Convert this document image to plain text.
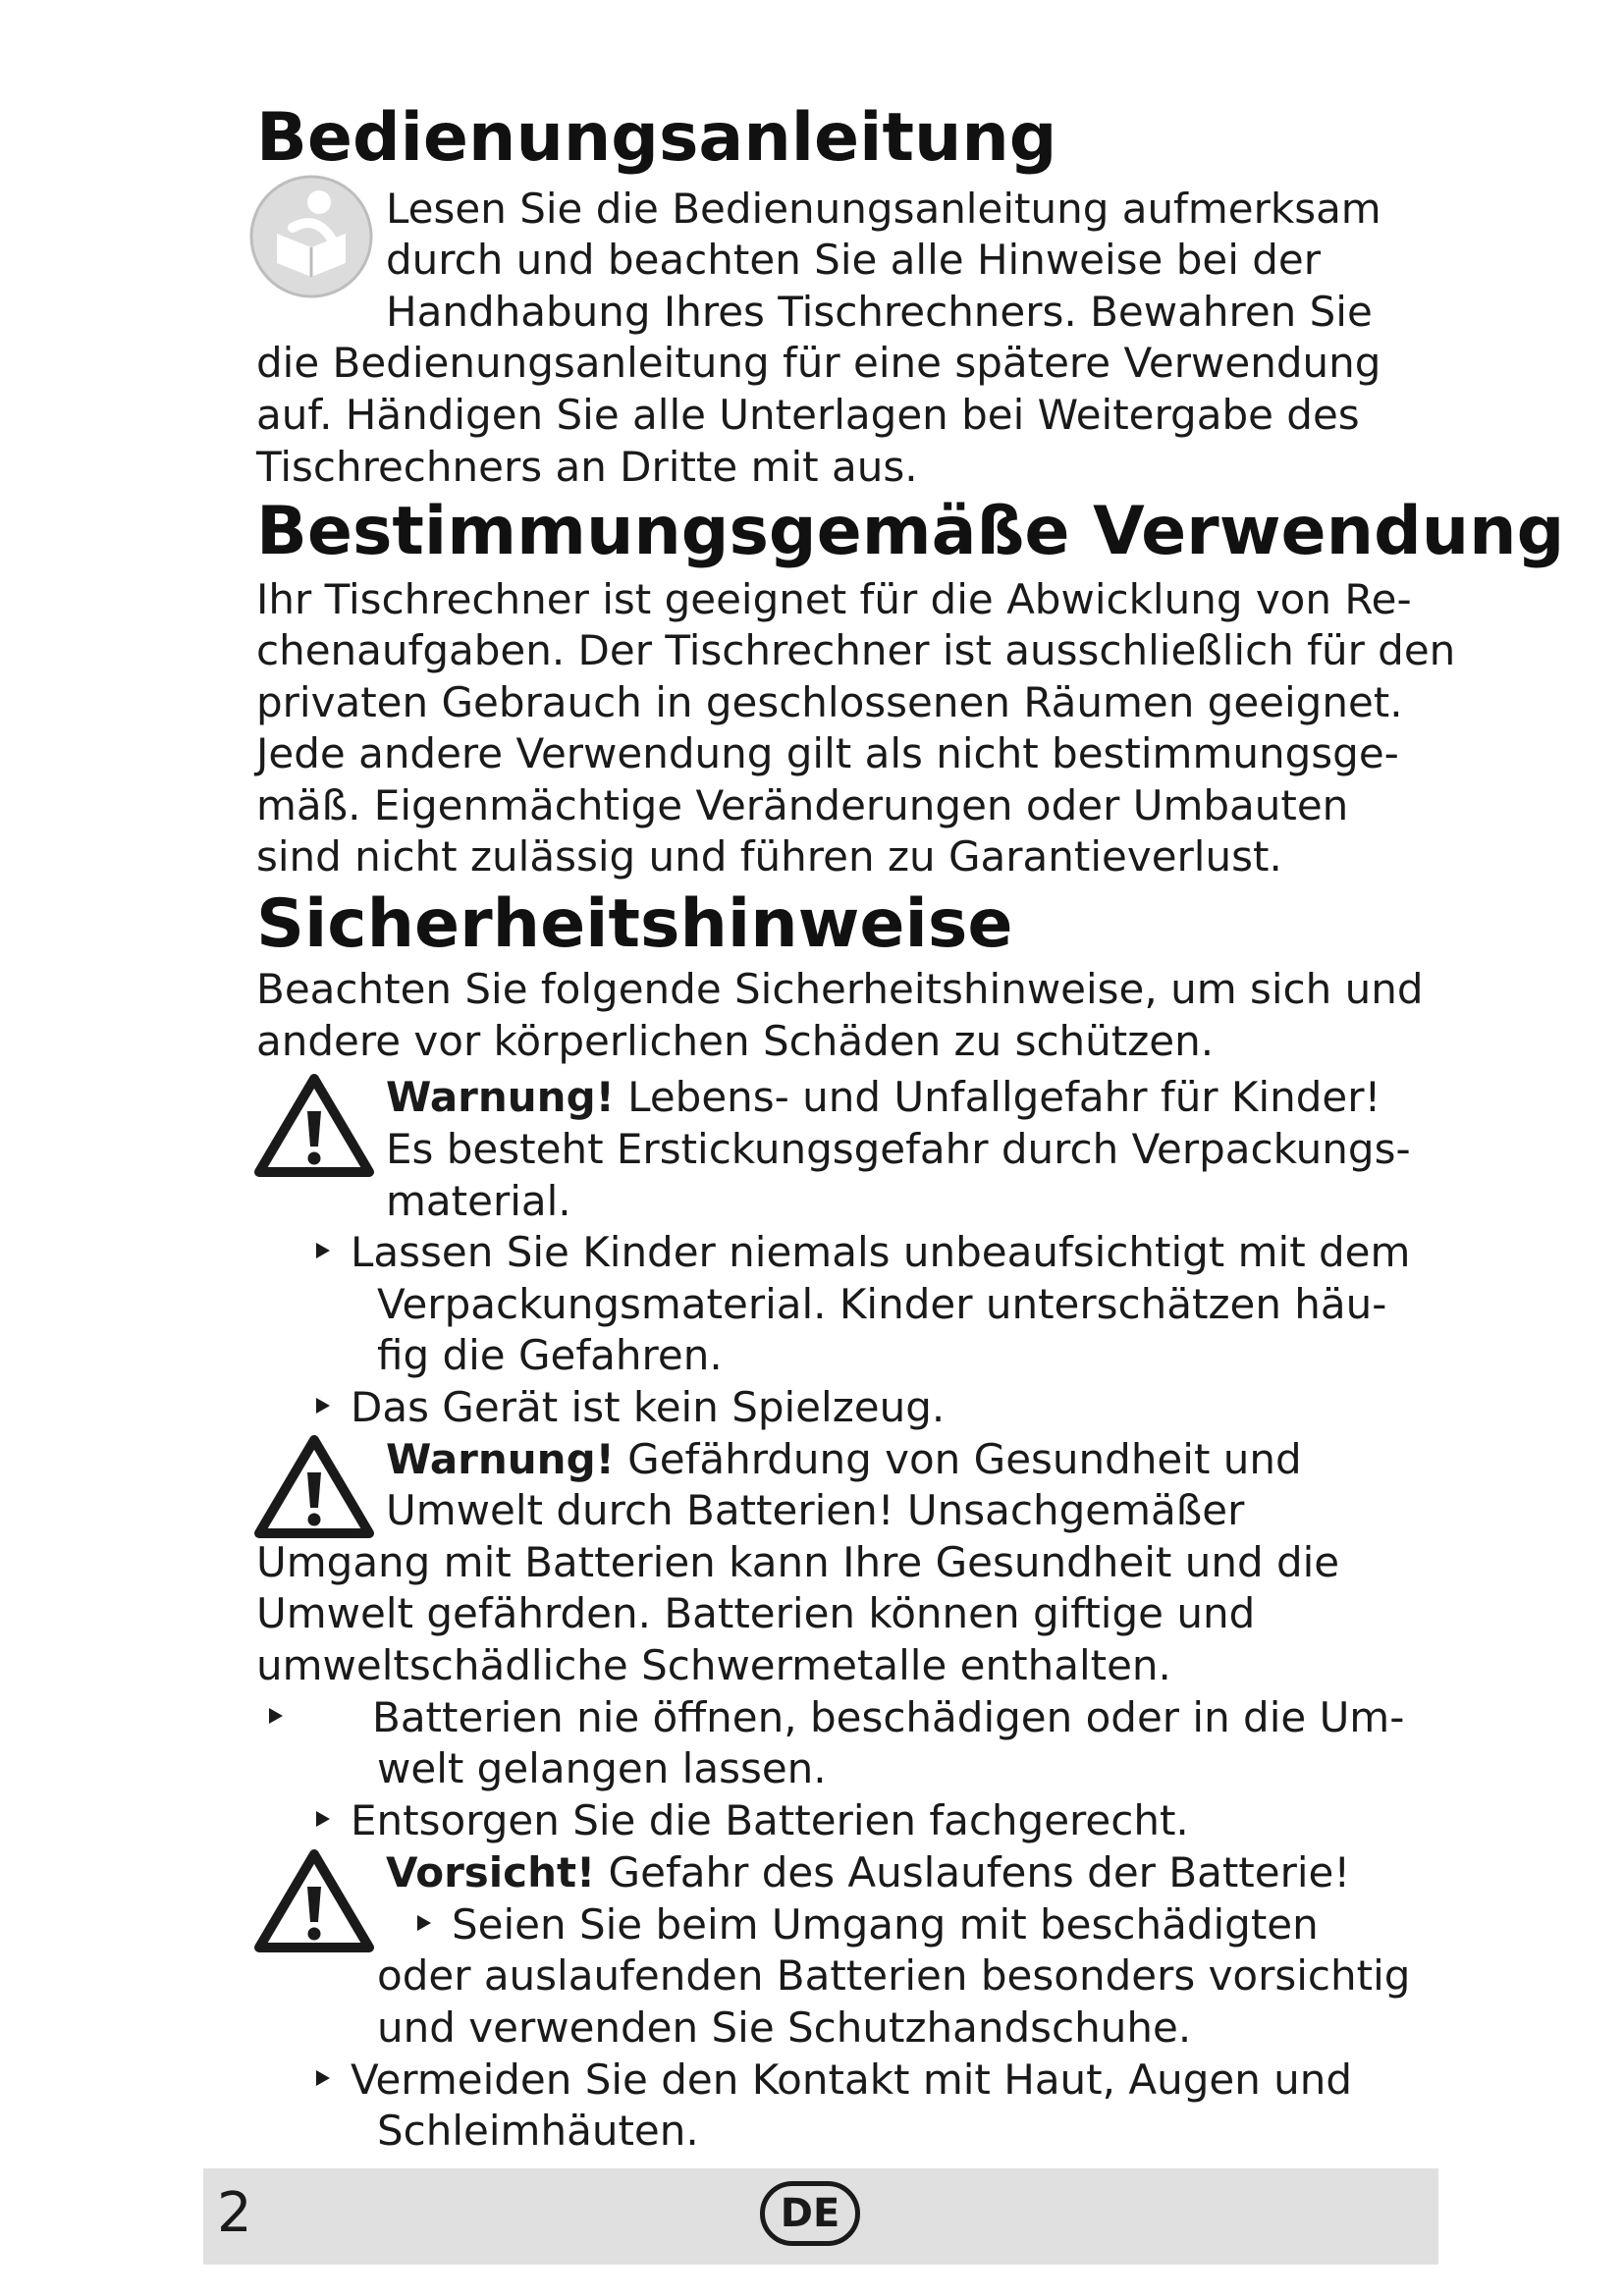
Bedienungsanleitung
Lesen Sie die Bedienungsanleitung aufmerksam
durch und beachten Sie alle Hinweise bei der
Handhabung Ihres Tischrechners. Bewahren Sie
die Bedienungsanleitung für eine spätere Verwendung
auf. Händigen Sie alle Unterlagen bei Weitergabe des
Tischrechners an Dritte mit aus.
Bestimmungsgemäße Verwendung
Ihr Tischrechner ist geeignet für die Abwicklung von Re-
chenaufgaben. Der Tischrechner ist ausschließlich für den
privaten Gebrauch in geschlossenen Räumen geeignet.
Jede andere Verwendung gilt als nicht bestimmungsge-
mäß. Eigenmächtige Veränderungen oder Umbauten
sind nicht zulässig und führen zu Garantieverlust.
Sicherheitshinweise
Beachten Sie folgende Sicherheitshinweise, um sich und
andere vor körperlichen Schäden zu schützen.
Warnung! Lebens- und Unfallgefahr für Kinder!
Es besteht Erstickungsgefahr durch Verpackungs-
material.
Lassen Sie Kinder niemals unbeaufsichtigt mit dem
Verpackungsmaterial. Kinder unterschätzen häu-
fig die Gefahren.
Das Gerät ist kein Spielzeug.
Warnung! Gefährdung von Gesundheit und
Umwelt durch Batterien! Unsachgemäßer
Umgang mit Batterien kann Ihre Gesundheit und die
Umwelt gefährden. Batterien können giftige und
umweltschädliche Schwermetalle enthalten.
Batterien nie öffnen, beschädigen oder in die Um-
welt gelangen lassen.
Entsorgen Sie die Batterien fachgerecht.
Vorsicht! Gefahr des Auslaufens der Batterie!
Seien Sie beim Umgang mit beschädigten
oder auslaufenden Batterien besonders vorsichtig
und verwenden Sie Schutzhandschuhe.
Vermeiden Sie den Kontakt mit Haut, Augen und
Schleimhäuten.
2	DE
